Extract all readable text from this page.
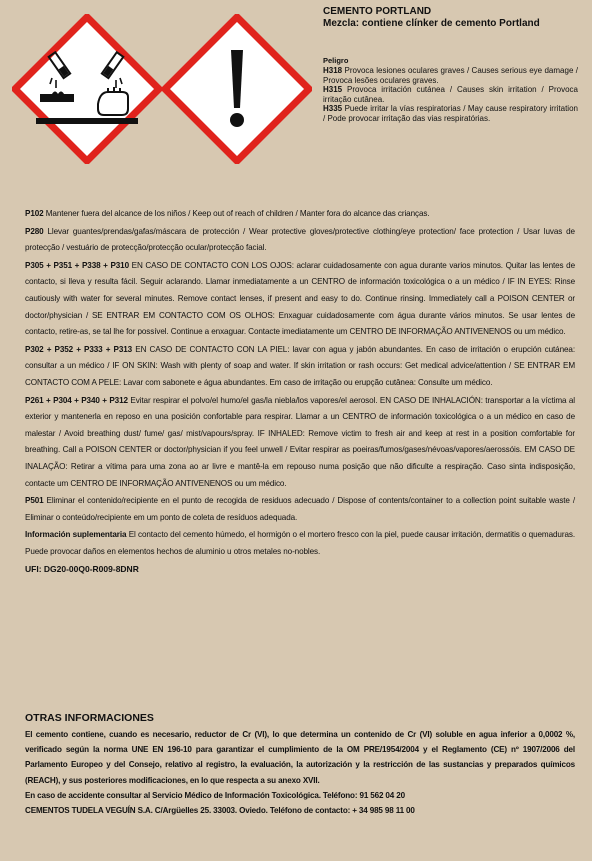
CEMENTO PORTLAND
Mezcla: contiene clínker de cemento Portland
Peligro
H318 Provoca lesiones oculares graves / Causes serious eye damage / Provoca lesões oculares graves.
H315 Provoca irritación cutánea / Causes skin irritation / Provoca irritação cutânea.
H335 Puede irritar la vías respiratorias / May cause respiratory irritation / Pode provocar irritação das vias respiratórias.

P102 Mantener fuera del alcance de los niños / Keep out of reach of children / Manter fora do alcance das crianças.

P280 Llevar guantes/prendas/gafas/máscara de protección / Wear protective gloves/protective clothing/eye protection/ face protection / Usar luvas de protecção / vestuário de protecção/protecção ocular/protecção facial.

P305 + P351 + P338 + P310 EN CASO DE CONTACTO CON LOS OJOS: aclarar cuidadosamente con agua durante varios minutos. Quitar las lentes de contacto, si lleva y resulta fácil. Seguir aclarando. Llamar inmediatamente a un CENTRO de información toxicológica o a un médico / IF IN EYES: Rinse cautiously with water for several minutes. Remove contact lenses, if present and easy to do. Continue rinsing. Immediately call a POISON CENTER or doctor/physician / SE ENTRAR EM CONTACTO COM OS OLHOS: Enxaguar cuidadosamente com água durante vários minutos. Se usar lentes de contacto, retire-as, se tal lhe for possível. Continue a enxaguar. Contacte imediatamente um CENTRO DE INFORMAÇÃO ANTIVENENOS ou um médico.

P302 + P352 + P333 + P313 EN CASO DE CONTACTO CON LA PIEL: lavar con agua y jabón abundantes. En caso de irritación o erupción cutánea: consultar a un médico / IF ON SKIN: Wash with plenty of soap and water. If skin irritation or rash occurs: Get medical advice/attention / SE ENTRAR EM CONTACTO COM A PELE: Lavar com sabonete e água abundantes. Em caso de irritação ou erupção cutânea: Consulte um médico.

P261 + P304 + P340 + P312 Evitar respirar el polvo/el humo/el gas/la niebla/los vapores/el aerosol. EN CASO DE INHALACIÓN: transportar a la víctima al exterior y mantenerla en reposo en una posición confortable para respirar. Llamar a un CENTRO de información toxicológica o a un médico en caso de malestar / Avoid breathing dust/ fume/ gas/ mist/vapours/spray. IF INHALED: Remove victim to fresh air and keep at rest in a position comfortable for breathing. Call a POISON CENTER or doctor/physician if you feel unwell / Evitar respirar as poeiras/fumos/gases/névoas/vapores/aerossóis. EM CASO DE INALAÇÃO: Retirar a vítima para uma zona ao ar livre e mantê-la em repouso numa posição que não dificulte a respiração. Caso sinta indisposição, contacte um CENTRO DE INFORMAÇÃO ANTIVENENOS ou um médico.

P501 Eliminar el contenido/recipiente en el punto de recogida de residuos adecuado / Dispose of contents/container to a collection point suitable waste / Eliminar o conteúdo/recipiente em um ponto de coleta de resíduos adequada.

Información suplementaria El contacto del cemento húmedo, el hormigón o el mortero fresco con la piel, puede causar irritación, dermatitis o quemaduras. Puede provocar daños en elementos hechos de aluminio u otros metales no-nobles.

UFI: DG20-00Q0-R009-8DNR
OTRAS INFORMACIONES

El cemento contiene, cuando es necesario, reductor de Cr (VI), lo que determina un contenido de Cr (VI) soluble en agua inferior a 0,0002 %, verificado según la norma UNE EN 196-10 para garantizar el cumplimiento de la OM PRE/1954/2004 y el Reglamento (CE) nº 1907/2006 del Parlamento Europeo y del Consejo, relativo al registro, la evaluación, la autorización y la restricción de las sustancias y preparados químicos (REACH), y sus posteriores modificaciones, en lo que respecta a su anexo XVII.

En caso de accidente consultar al Servicio Médico de Información Toxicológica. Teléfono: 91 562 04 20

CEMENTOS TUDELA VEGUÍN S.A. C/Argüelles 25. 33003. Oviedo. Teléfono de contacto: + 34 985 98 11 00
